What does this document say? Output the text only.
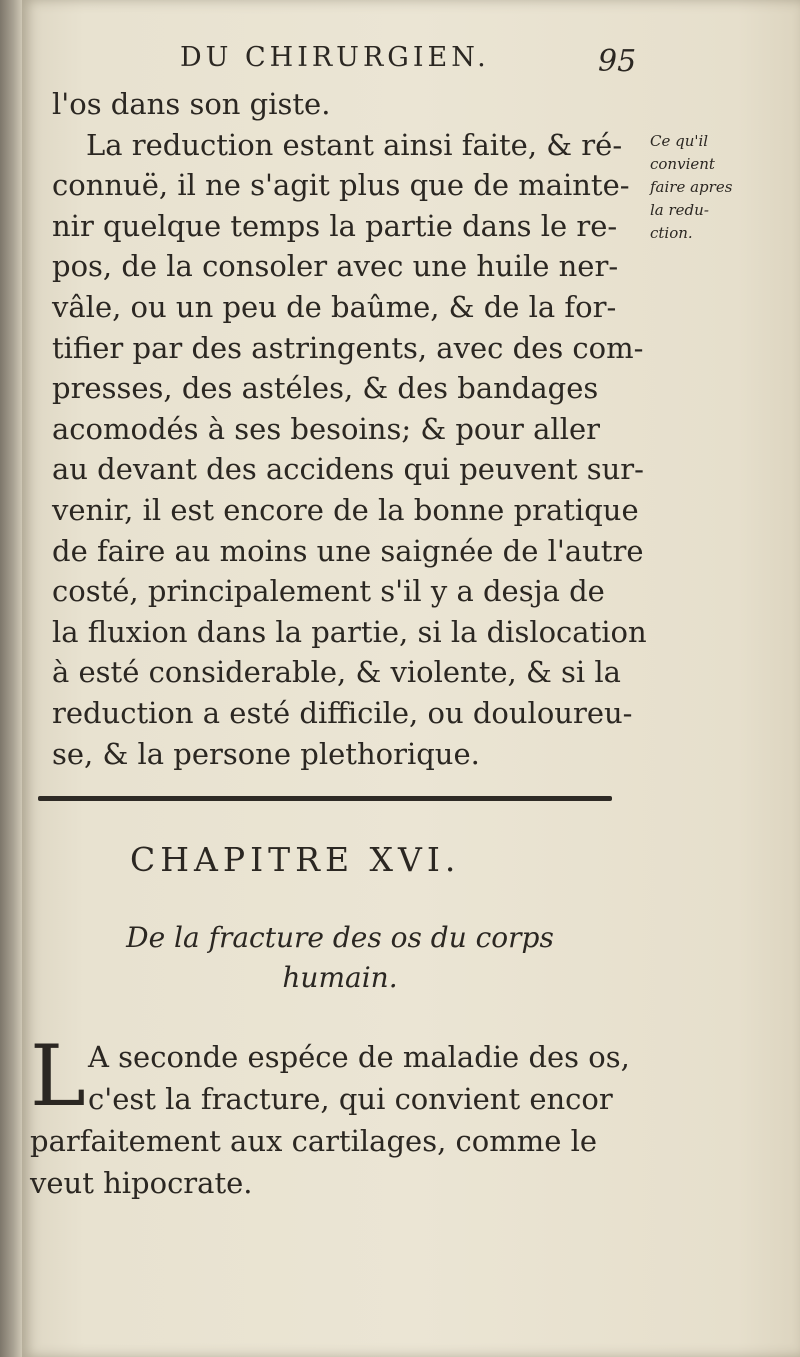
DU CHIRURGIEN.	95
l'os dans son giste.
La reduction estant ainsi faite, & ré-
connuë, il ne s'agit plus que de mainte-
nir quelque temps la partie dans le re-
pos, de la consoler avec une huile ner-
vâle, ou un peu de baûme, & de la for-
tifier par des astringents, avec des com-
presses, des astéles, & des bandages
acomodés à ses besoins; & pour aller
au devant des accidens qui peuvent sur-
venir, il est encore de la bonne pratique
de faire au moins une saignée de l'autre
costé, principalement s'il y a desja de
la fluxion dans la partie, si la dislocation
à esté considerable, & violente, & si la
reduction a esté difficile, ou douloureu-
se, & la persone plethorique.
Ce qu'il
convient
faire apres
la redu-
ction.
CHAPITRE XVI.
De la fracture des os du corps
humain.
L A seconde espéce de maladie des os,
c'est la fracture, qui convient encor
parfaitement aux cartilages, comme le
veut hipocrate.
